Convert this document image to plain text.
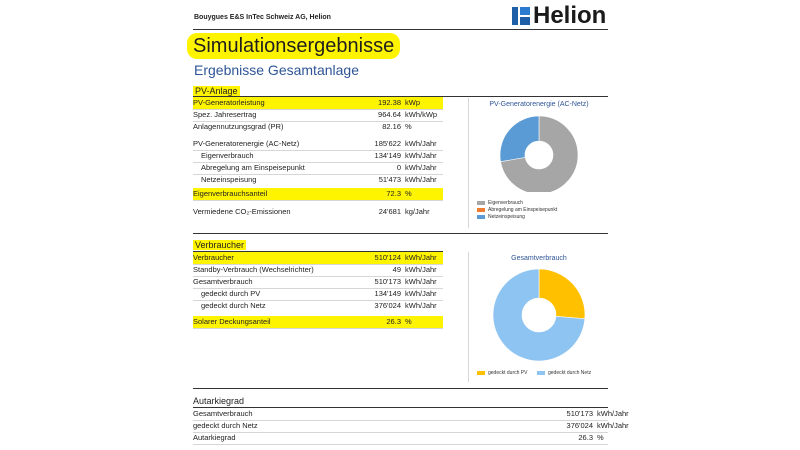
Bouygues E&S InTec Schweiz AG, Helion	Helion
Simulationsergebnisse
Ergebnisse Gesamtanlage
PV-Anlage
PV-Generatorleistung	192.38 kWp
Spez. Jahresertrag	964.64 kWh/kWp
Anlagennutzungsgrad (PR)	82.16 %
PV-Generatorenergie (AC-Netz)	185'622 kWh/Jahr
Eigenverbrauch	134'149 kWh/Jahr
Abregelung am Einspeisepunkt	0 kWh/Jahr
Netzeinspeisung	51'473 kWh/Jahr
Eigenverbrauchsanteil	72.3 %
Vermiedene CO₂-Emissionen	24'681 kg/Jahr
PV-Generatorenergie (AC-Netz)
Eigenverbrauch
Abregelung am Einspeisepunkt
Netzeinspeisung
Verbraucher
Verbraucher	510'124 kWh/Jahr
Standby-Verbrauch (Wechselrichter)	49 kWh/Jahr
Gesamtverbrauch	510'173 kWh/Jahr
gedeckt durch PV	134'149 kWh/Jahr
gedeckt durch Netz	376'024 kWh/Jahr
Solarer Deckungsanteil	26.3 %
Gesamtverbrauch
gedeckt durch PV	gedeckt durch Netz
Autarkiegrad
Gesamtverbrauch	510'173 kWh/Jahr
gedeckt durch Netz	376'024 kWh/Jahr
Autarkiegrad	26.3 %
